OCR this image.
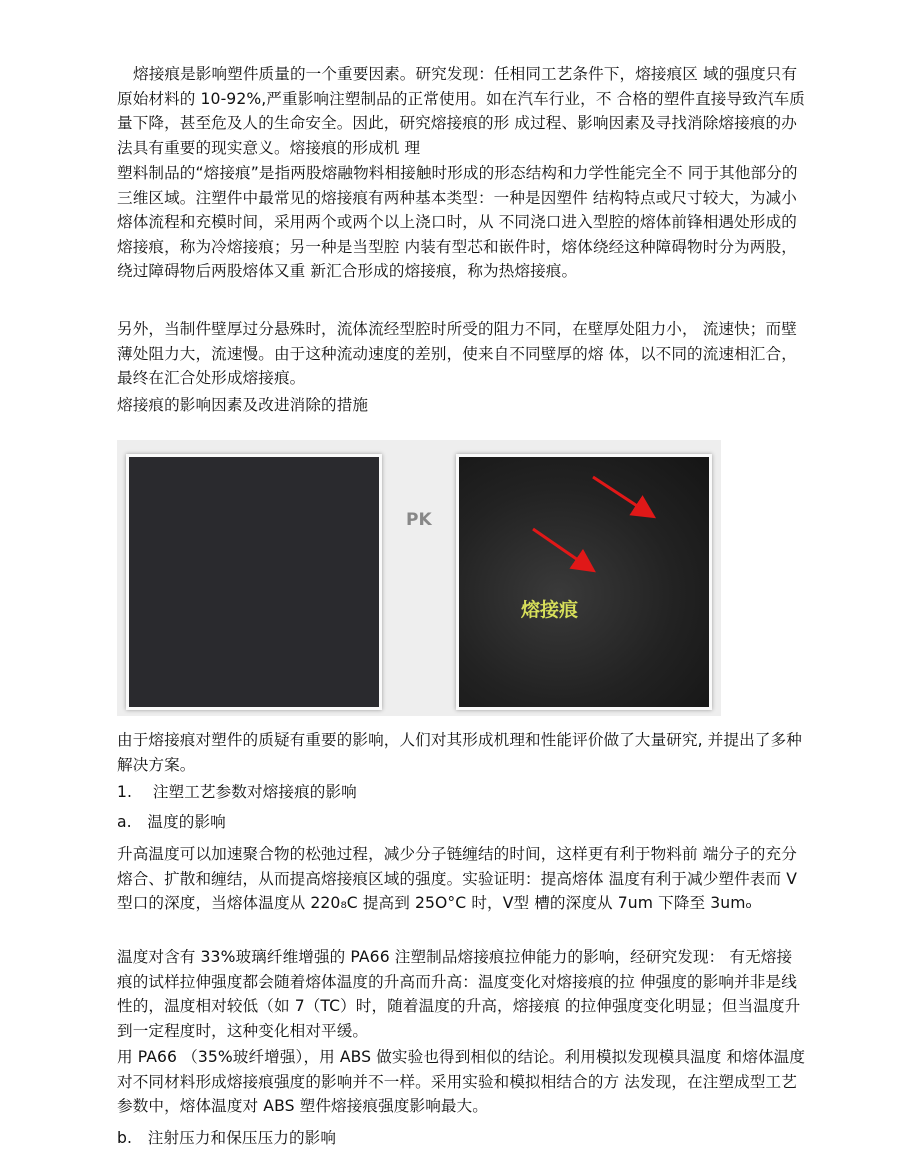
熔接痕是影响塑件质量的一个重要因素。研究发现：任相同工艺条件下，熔接痕区 域的强度只有原始材料的 10-92%,严重影响注塑制品的正常使用。如在汽车行业，不 合格的塑件直接导致汽车质量下降，甚至危及人的生命安全。因此，研究熔接痕的形 成过程、影响因素及寻找消除熔接痕的办法具有重要的现实意义。熔接痕的形成机 理

塑料制品的“熔接痕”是指两股熔融物料相接触时形成的形态结构和力学性能完全不 同于其他部分的三维区域。注塑件中最常见的熔接痕有两种基本类型：一种是因塑件 结构特点或尺寸较大，为减小熔体流程和充模时间，采用两个或两个以上浇口时，从 不同浇口进入型腔的熔体前锋相遇处形成的熔接痕，称为冷熔接痕；另一种是当型腔 内装有型芯和嵌件时，熔体绕经这种障碍物时分为两股，绕过障碍物后两股熔体又重 新汇合形成的熔接痕，称为热熔接痕。

另外，当制件壁厚过分悬殊时，流体流经型腔时所受的阻力不同，在壁厚处阻力小， 流速快；而壁薄处阻力大，流速慢。由于这种流动速度的差别，使来自不同壁厚的熔 体，以不同的流速相汇合，最终在汇合处形成熔接痕。

熔接痕的影响因素及改进消除的措施

PK
熔接痕

由于熔接痕对塑件的质疑有重要的影响，人们对其形成机理和性能评价做了大量研究, 并提出了多种解决方案。

1.　 注塑工艺参数对熔接痕的影响

a.　温度的影响

升高温度可以加速聚合物的松弛过程，减少分子链缠结的时间，这样更有利于物料前 端分子的充分熔合、扩散和缠结，从而提高熔接痕区域的强度。实验证明：提高熔体 温度有利于减少塑件表而 V 型口的深度，当熔体温度从 220₈C 提高到 25O°C 时，V型 槽的深度从 7um 下降至 3umₒ

温度对含有 33%玻璃纤维增强的 PA66 注塑制品熔接痕拉伸能力的影响，经研究发现： 有无熔接痕的试样拉伸强度都会随着熔体温度的升高而升高：温度变化对熔接痕的拉 伸强度的影响并非是线性的，温度相对较低（如 7（TC）时，随着温度的升高，熔接痕 的拉伸强度变化明显；但当温度升到一定程度时，这种变化相对平缓。

用 PA66 （35%玻纤增强），用 ABS 做实验也得到相似的结论。利用模拟发现模具温度 和熔体温度对不同材料形成熔接痕强度的影响并不一样。采用实验和模拟相结合的方 法发现，在注塑成型工艺参数中，熔体温度对 ABS 塑件熔接痕强度影响最大。

b.　注射压力和保压压力的影响
